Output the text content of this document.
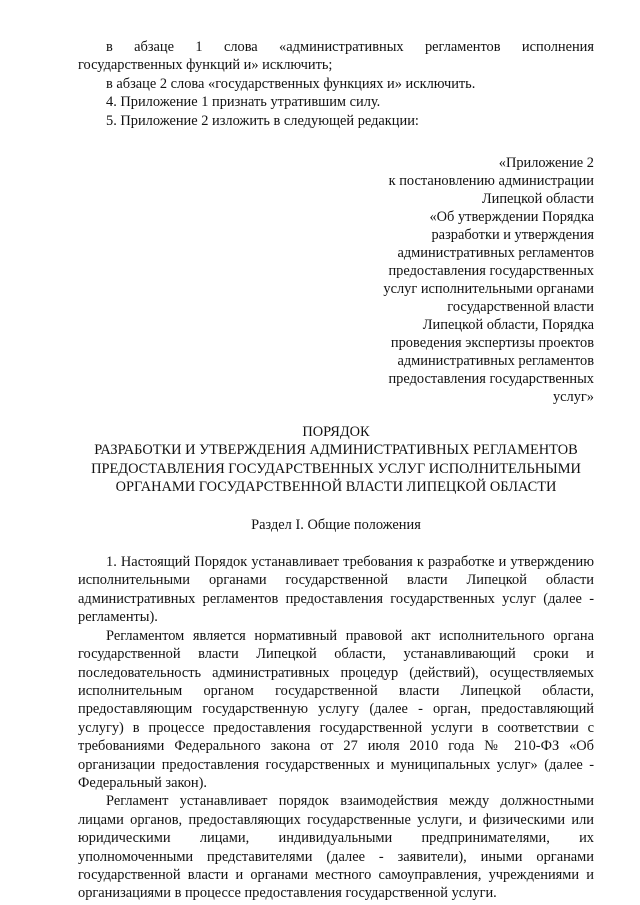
в абзаце 1 слова «административных регламентов исполнения

государственных функций и» исключить;

в абзаце 2 слова «государственных функциях и» исключить.

4. Приложение 1 признать утратившим силу.

5. Приложение 2 изложить в следующей редакции:

«Приложение 2
к постановлению администрации
Липецкой области
«Об утверждении Порядка
разработки и утверждения
административных регламентов
предоставления государственных
услуг исполнительными органами
государственной власти
Липецкой области, Порядка
проведения экспертизы проектов
административных регламентов
предоставления государственных
услуг»
ПОРЯДОК
РАЗРАБОТКИ И УТВЕРЖДЕНИЯ АДМИНИСТРАТИВНЫХ РЕГЛАМЕНТОВ
ПРЕДОСТАВЛЕНИЯ ГОСУДАРСТВЕННЫХ УСЛУГ ИСПОЛНИТЕЛЬНЫМИ
ОРГАНАМИ ГОСУДАРСТВЕННОЙ ВЛАСТИ ЛИПЕЦКОЙ ОБЛАСТИ
Раздел I. Общие положения

1. Настоящий Порядок устанавливает требования к разработке и утверждению исполнительными органами государственной власти Липецкой области административных регламентов предоставления государственных услуг (далее - регламенты).

Регламентом является нормативный правовой акт исполнительного органа государственной власти Липецкой области, устанавливающий сроки и последовательность административных процедур (действий), осуществляемых исполнительным органом государственной власти Липецкой области, предоставляющим государственную услугу (далее - орган, предоставляющий услугу) в процессе предоставления государственной услуги в соответствии с требованиями Федерального закона от 27 июля 2010 года № 210-ФЗ «Об организации предоставления государственных и муниципальных услуг» (далее - Федеральный закон).

Регламент устанавливает порядок взаимодействия между должностными лицами органов, предоставляющих государственные услуги, и физическими или юридическими лицами, индивидуальными предпринимателями, их уполномоченными представителями (далее - заявители), иными органами государственной власти и органами местного самоуправления, учреждениями и организациями в процессе предоставления государственной услуги.
